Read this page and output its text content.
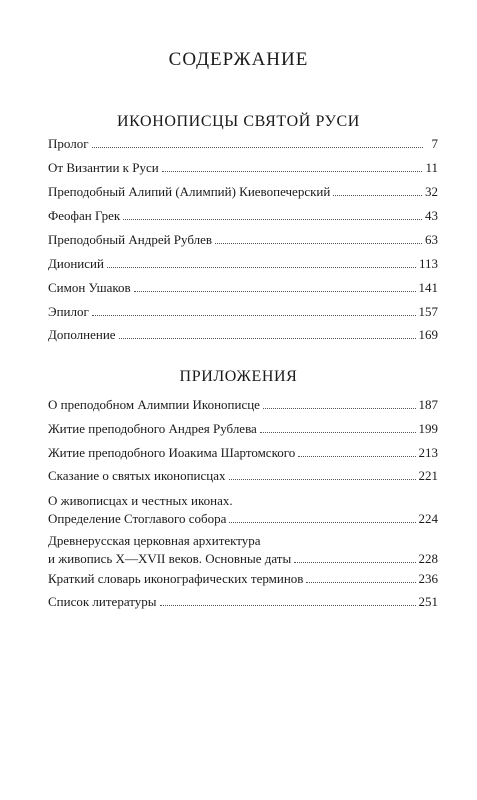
СОДЕРЖАНИЕ
ИКОНОПИСЦЫ СВЯТОЙ РУСИ
Пролог	7
От Византии к Руси	11
Преподобный Алипий (Алимпий) Киевопечерский	32
Феофан Грек	43
Преподобный Андрей Рублев	63
Дионисий	113
Симон Ушаков	141
Эпилог	157
Дополнение	169
ПРИЛОЖЕНИЯ
О преподобном Алимпии Иконописце	187
Житие преподобного Андрея Рублева	199
Житие преподобного Иоакима Шартомского	213
Сказание о святых иконописцах	221
О живописцах и честных иконах.
Определение Стоглавого собора	224
Древнерусская церковная архитектура
и живопись X—XVII веков. Основные даты	228
Краткий словарь иконографических терминов	236
Список литературы	251
